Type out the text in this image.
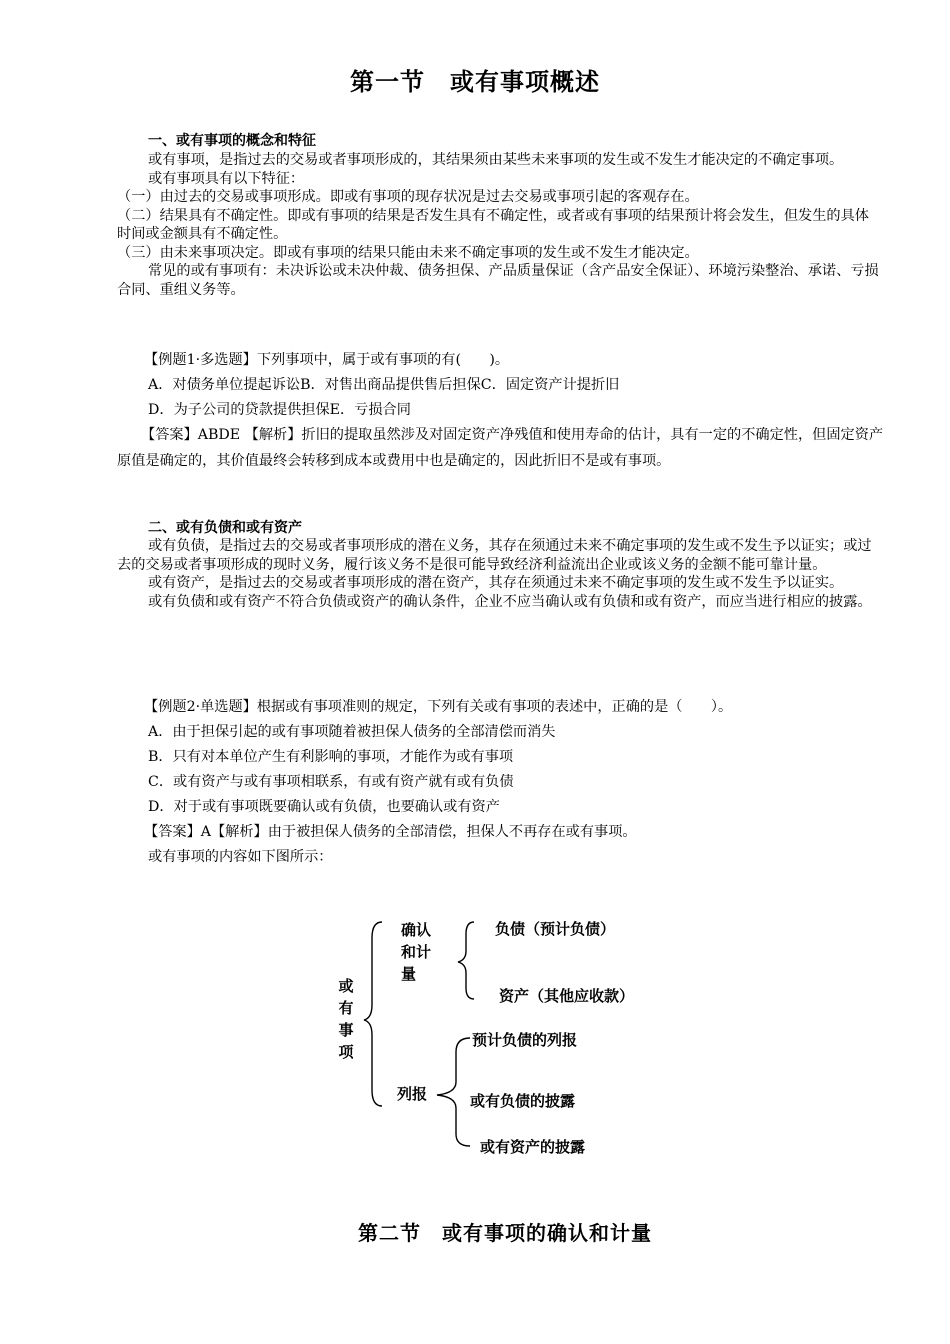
第一节　或有事项概述
一、或有事项的概念和特征

或有事项，是指过去的交易或者事项形成的，其结果须由某些未来事项的发生或不发生才能决定的不确定事项。

或有事项具有以下特征：

（一）由过去的交易或事项形成。即或有事项的现存状况是过去交易或事项引起的客观存在。

（二）结果具有不确定性。即或有事项的结果是否发生具有不确定性，或者或有事项的结果预计将会发生，但发生的具体时间或金额具有不确定性。

（三）由未来事项决定。即或有事项的结果只能由未来不确定事项的发生或不发生才能决定。

常见的或有事项有：未决诉讼或未决仲裁、债务担保、产品质量保证（含产品安全保证）、环境污染整治、承诺、亏损合同、重组义务等。

【例题1·多选题】下列事项中，属于或有事项的有(　　)。

A．对债务单位提起诉讼B．对售出商品提供售后担保C．固定资产计提折旧

D．为子公司的贷款提供担保E．亏损合同

【答案】ABDE 【解析】折旧的提取虽然涉及对固定资产净残值和使用寿命的估计，具有一定的不确定性，但固定资产原值是确定的，其价值最终会转移到成本或费用中也是确定的，因此折旧不是或有事项。

二、或有负债和或有资产

或有负债，是指过去的交易或者事项形成的潜在义务，其存在须通过未来不确定事项的发生或不发生予以证实；或过去的交易或者事项形成的现时义务，履行该义务不是很可能导致经济利益流出企业或该义务的金额不能可靠计量。

或有资产，是指过去的交易或者事项形成的潜在资产，其存在须通过未来不确定事项的发生或不发生予以证实。

或有负债和或有资产不符合负债或资产的确认条件，企业不应当确认或有负债和或有资产，而应当进行相应的披露。

【例题2·单选题】根据或有事项准则的规定，下列有关或有事项的表述中，正确的是（　　）。

A．由于担保引起的或有事项随着被担保人债务的全部清偿而消失

B．只有对本单位产生有利影响的事项，才能作为或有事项

C．或有资产与或有事项相联系，有或有资产就有或有负债

D．对于或有事项既要确认或有负债，也要确认或有资产

【答案】A【解析】由于被担保人债务的全部清偿，担保人不再存在或有事项。

或有事项的内容如下图所示：

或
有
事
项
确认
和计
量
负债（预计负债）
资产（其他应收款）
列报
预计负债的列报
或有负债的披露
或有资产的披露
第二节　或有事项的确认和计量
